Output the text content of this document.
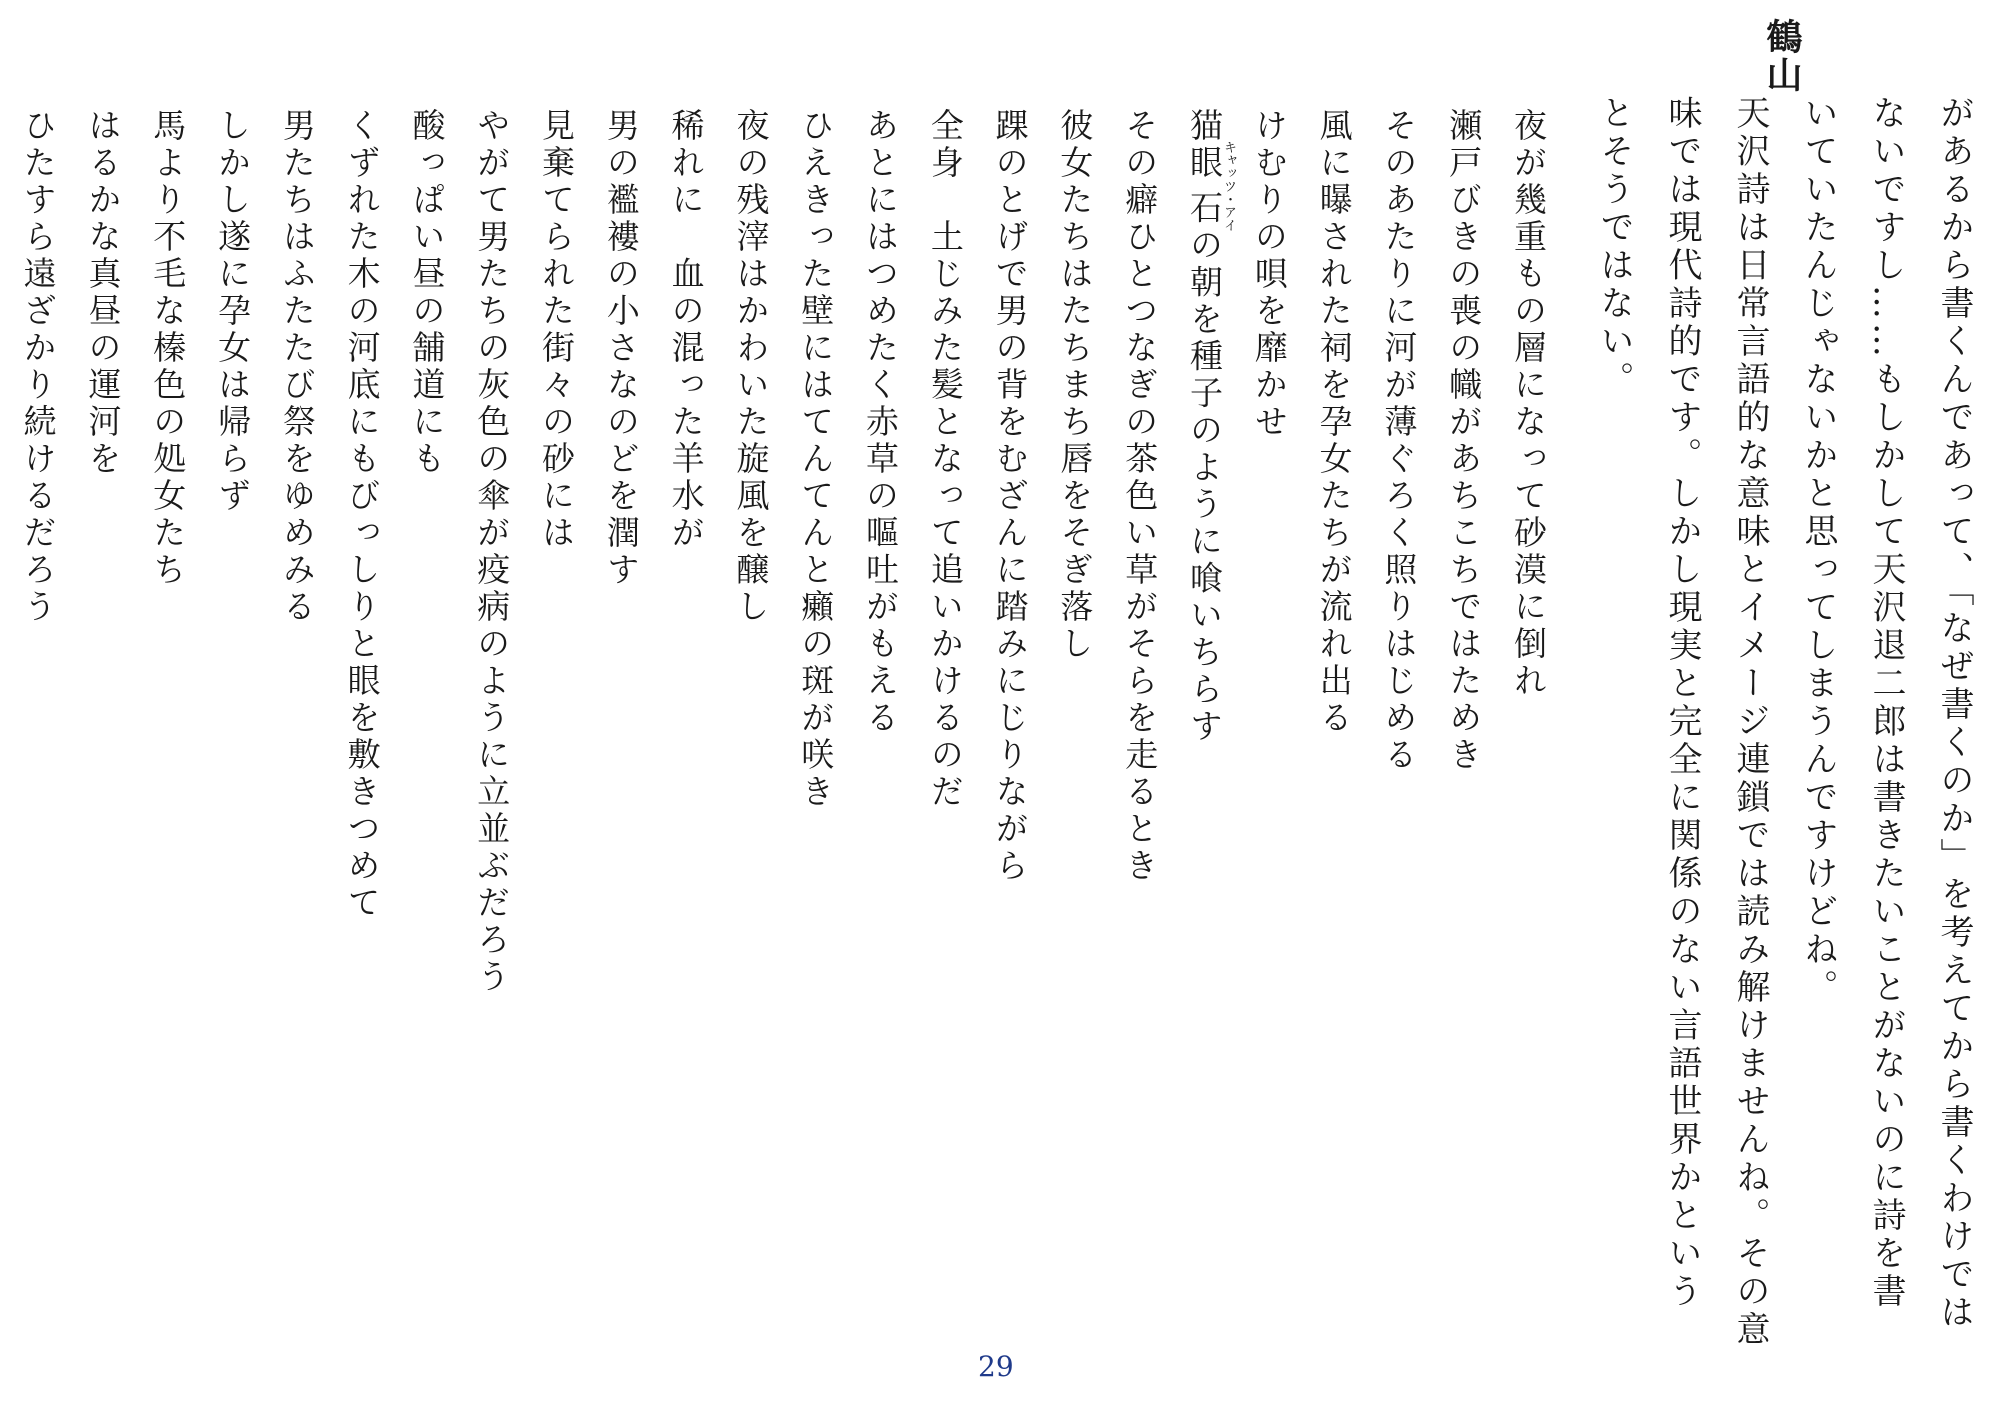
があるから書くんであって、「なぜ書くのか」を考えてから書くわけでは
ないですし……もしかして天沢退二郎は書きたいことがないのに詩を書
いていたんじゃないかと思ってしまうんですけどね。
天沢詩は日常言語的な意味とイメージ連鎖では読み解けませんね。その意
味では現代詩的です。しかし現実と完全に関係のない言語世界かという
とそうではない。
鶴山
夜が幾重もの層になって砂漠に倒れ
瀬戸びきの喪の幟があちこちではためき
そのあたりに河が薄ぐろく照りはじめる
風に曝された祠を孕女たちが流れ出る
けむりの唄を靡かせ
猫眼石キャッツ・アイの朝を種子のように喰いちらす
その癖ひとつなぎの茶色い草がそらを走るとき
彼女たちはたちまち唇をそぎ落し
踝のとげで男の背をむざんに踏みにじりながら
全身　土じみた髪となって追いかけるのだ
あとにはつめたく赤草の嘔吐がもえる
ひえきった壁にはてんてんと癩の斑が咲き
夜の残滓はかわいた旋風を醸し
稀れに　血の混った羊水が
男の襤褸の小さなのどを潤す
見棄てられた街々の砂には
やがて男たちの灰色の傘が疫病のように立並ぶだろう
酸っぱい昼の舗道にも
くずれた木の河底にもびっしりと眼を敷きつめて
男たちはふたたび祭をゆめみる
しかし遂に孕女は帰らず
馬より不毛な榛色の処女たち
はるかな真昼の運河を
ひたすら遠ざかり続けるだろう
29
